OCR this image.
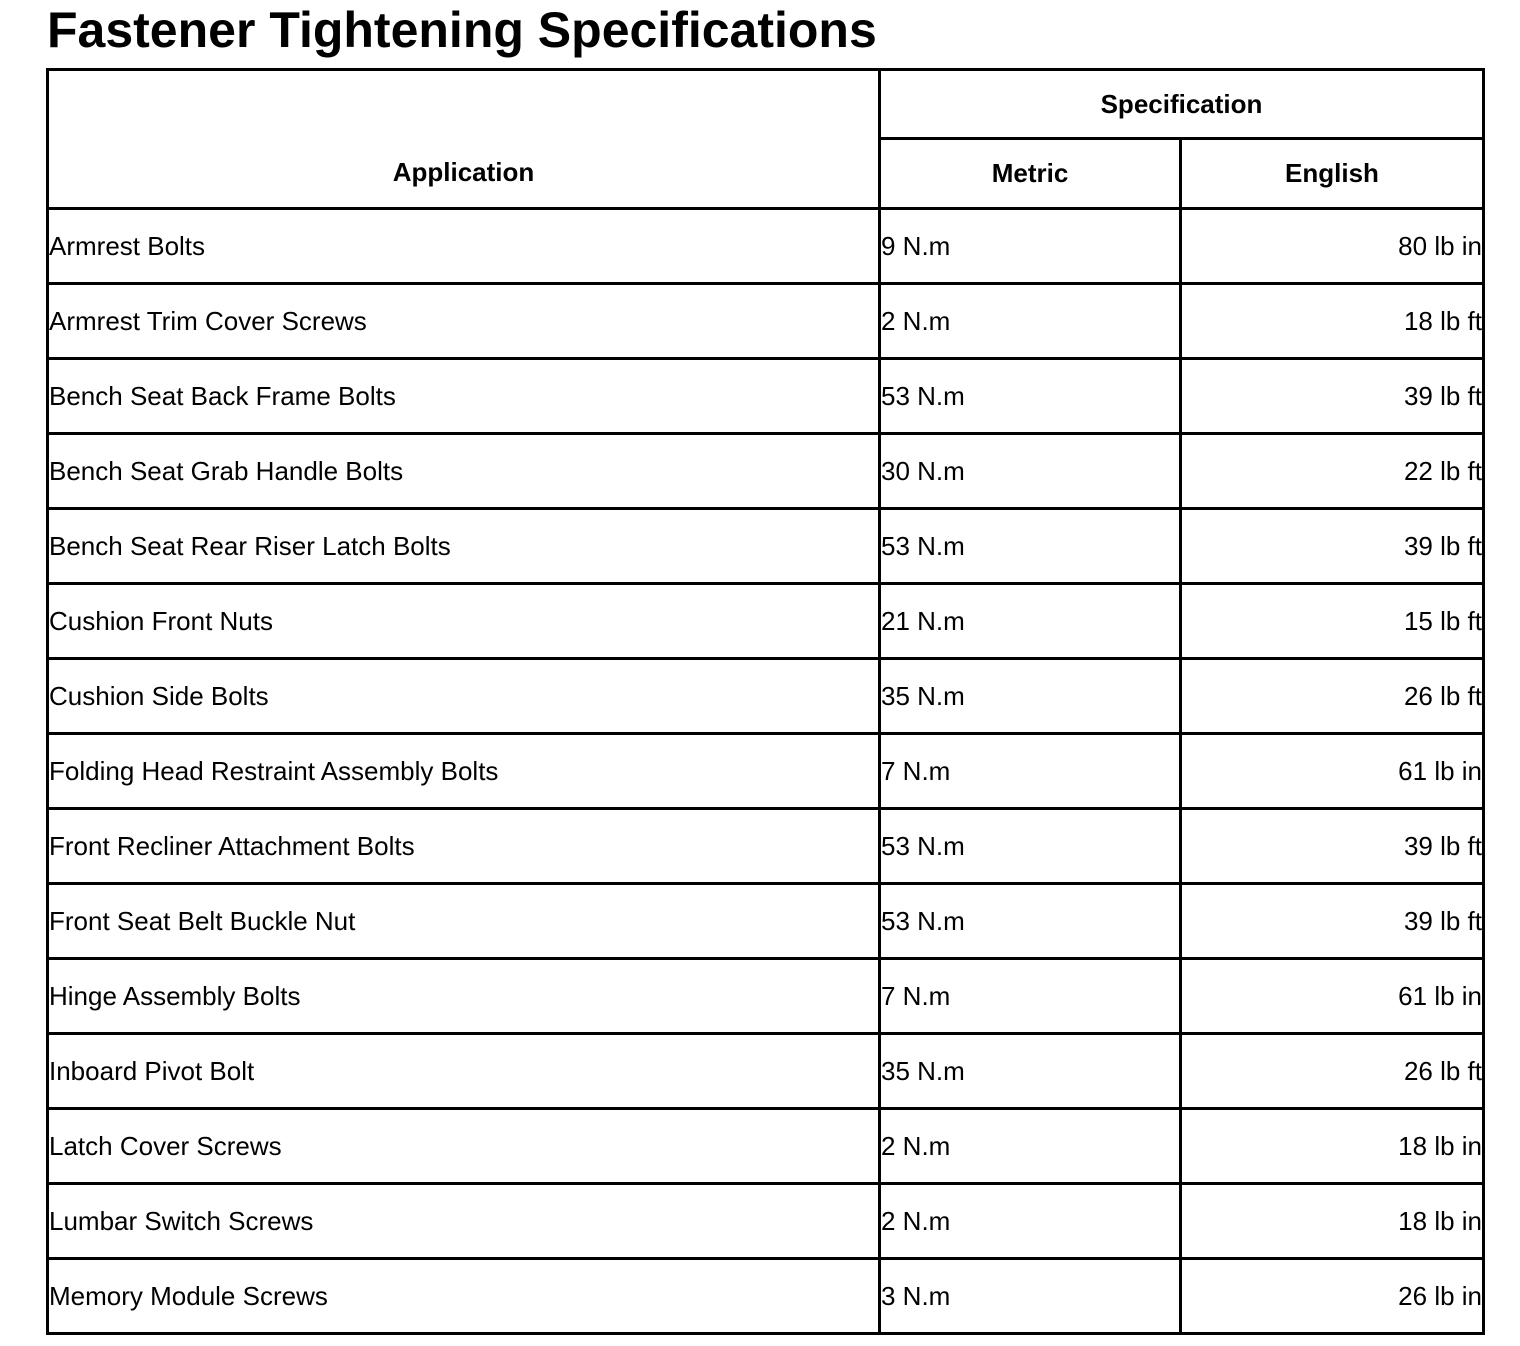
Fastener Tightening Specifications
Application	Specification	
	Metric	English
Armrest Bolts	9 N.m	80 lb in
Armrest Trim Cover Screws	2 N.m	18 lb ft
Bench Seat Back Frame Bolts	53 N.m	39 lb ft
Bench Seat Grab Handle Bolts	30 N.m	22 lb ft
Bench Seat Rear Riser Latch Bolts	53 N.m	39 lb ft
Cushion Front Nuts	21 N.m	15 lb ft
Cushion Side Bolts	35 N.m	26 lb ft
Folding Head Restraint Assembly Bolts	7 N.m	61 lb in
Front Recliner Attachment Bolts	53 N.m	39 lb ft
Front Seat Belt Buckle Nut	53 N.m	39 lb ft
Hinge Assembly Bolts	7 N.m	61 lb in
Inboard Pivot Bolt	35 N.m	26 lb ft
Latch Cover Screws	2 N.m	18 lb in
Lumbar Switch Screws	2 N.m	18 lb in
Memory Module Screws	3 N.m	26 lb in
